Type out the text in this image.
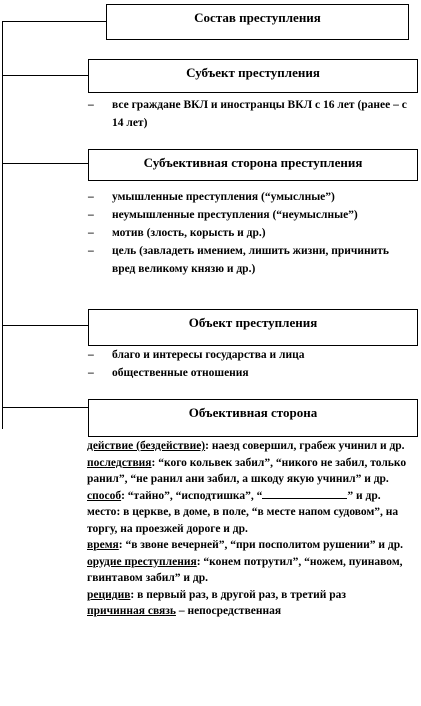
Состав преступления
Субъект преступления
– все граждане ВКЛ и иностранцы ВКЛ с 16 лет (ранее – с 14 лет)
Субъективная сторона преступления
– умышленные преступления (“умыслные”)
– неумышленные преступления (“неумыслные”)
– мотив (злость, корысть и др.)
– цель (завладеть имением, лишить жизни, причинить вред великому князю и др.)
Объект преступления
– благо и интересы государства и лица
– общественные отношения
Объективная сторона

действие (бездействие): наезд совершил, грабеж учинил и др.

последствия: “кого кольвек забил”, “никого не забил, только ранил”, “не ранил ани забил, а шкоду якую учинил” и др.

способ: “тайно”, “исподтишка”, “	” и др.

место: в церкве, в доме, в поле, “в месте напом судовом”, на торгу, на проезжей дороге и др.

время: “в звоне вечерней”, “при посполитом рушении” и др.

орудие преступления: “конем потрутил”, “ножем, пуинавом, гвинтавом забил” и др.

рецидив: в первый раз, в другой раз, в третий раз

причинная связь – непосредственная
